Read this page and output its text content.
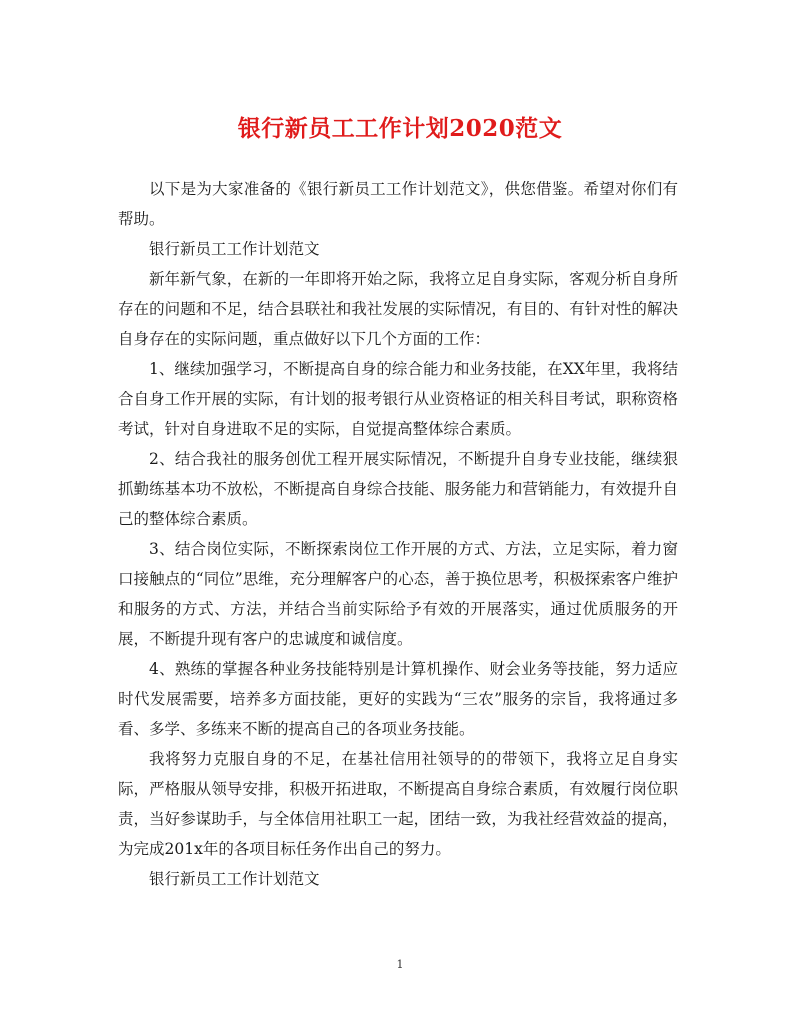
银行新员工工作计划2020范文

以下是为大家准备的《银行新员工工作计划范文》，供您借鉴。希望对你们有帮助。

银行新员工工作计划范文

新年新气象，在新的一年即将开始之际，我将立足自身实际，客观分析自身所存在的问题和不足，结合县联社和我社发展的实际情况，有目的、有针对性的解决自身存在的实际问题，重点做好以下几个方面的工作：

1、继续加强学习，不断提高自身的综合能力和业务技能，在XX年里，我将结合自身工作开展的实际，有计划的报考银行从业资格证的相关科目考试，职称资格考试，针对自身进取不足的实际，自觉提高整体综合素质。

2、结合我社的服务创优工程开展实际情况，不断提升自身专业技能，继续狠抓勤练基本功不放松，不断提高自身综合技能、服务能力和营销能力，有效提升自己的整体综合素质。

3、结合岗位实际，不断探索岗位工作开展的方式、方法，立足实际，着力窗口接触点的“同位”思维，充分理解客户的心态，善于换位思考，积极探索客户维护和服务的方式、方法，并结合当前实际给予有效的开展落实，通过优质服务的开展，不断提升现有客户的忠诚度和诚信度。

4、熟练的掌握各种业务技能特别是计算机操作、财会业务等技能，努力适应时代发展需要，培养多方面技能，更好的实践为“三农”服务的宗旨，我将通过多看、多学、多练来不断的提高自己的各项业务技能。

我将努力克服自身的不足，在基社信用社领导的的带领下，我将立足自身实际，严格服从领导安排，积极开拓进取，不断提高自身综合素质，有效履行岗位职责，当好参谋助手，与全体信用社职工一起，团结一致，为我社经营效益的提高，为完成201x年的各项目标任务作出自己的努力。

银行新员工工作计划范文

1
